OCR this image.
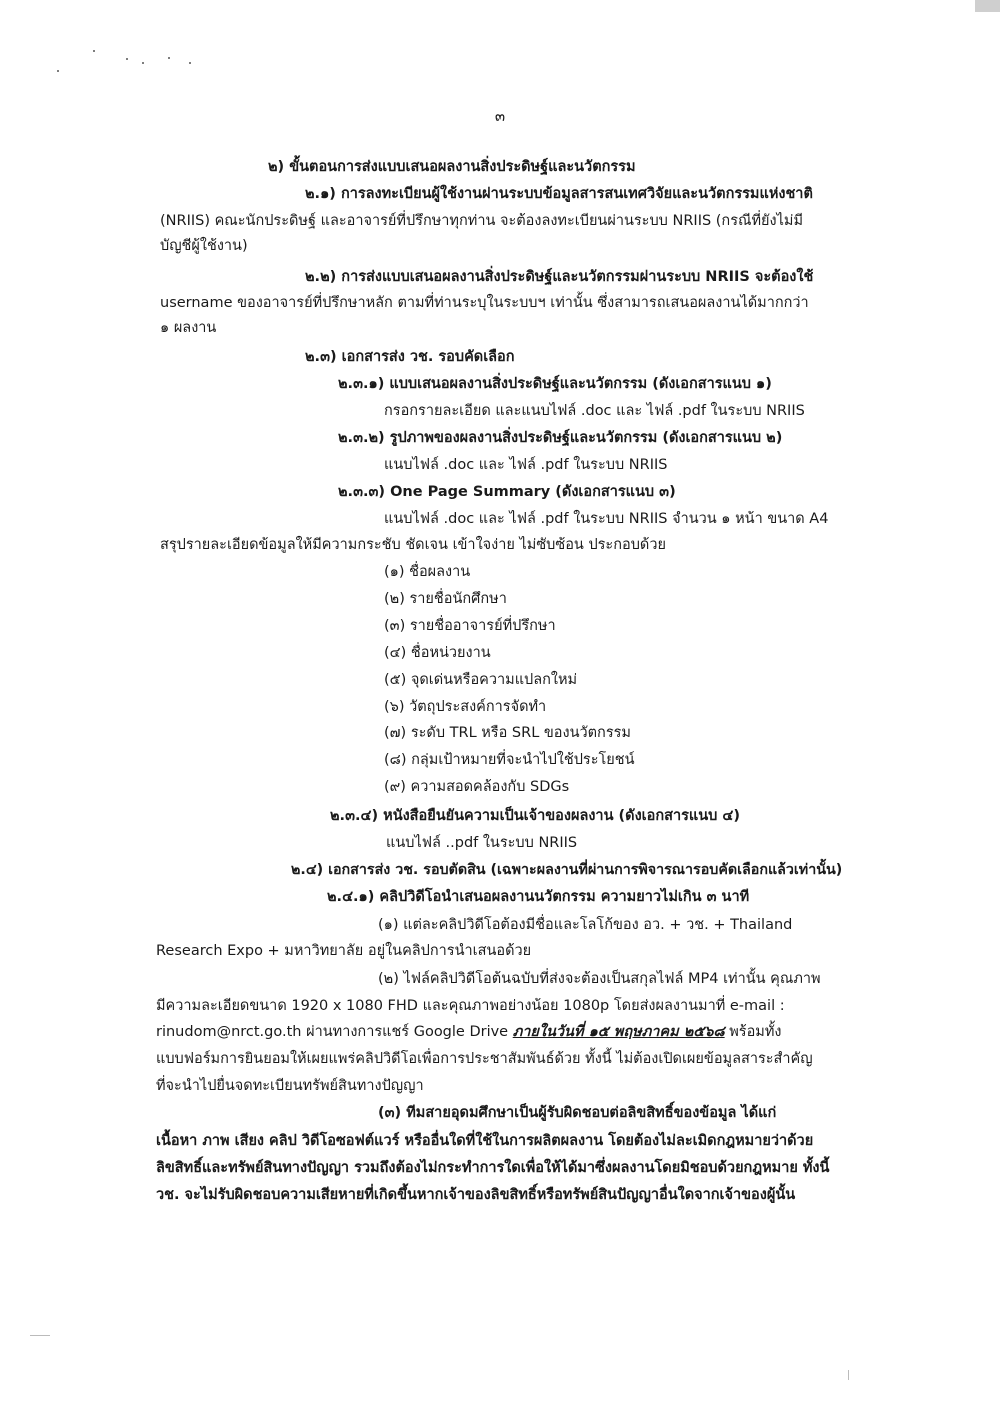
๓
๒) ขั้นตอนการส่งแบบเสนอผลงานสิ่งประดิษฐ์และนวัตกรรม
๒.๑) การลงทะเบียนผู้ใช้งานผ่านระบบข้อมูลสารสนเทศวิจัยและนวัตกรรมแห่งชาติ
(NRIIS) คณะนักประดิษฐ์ และอาจารย์ที่ปรึกษาทุกท่าน จะต้องลงทะเบียนผ่านระบบ NRIIS (กรณีที่ยังไม่มี
บัญชีผู้ใช้งาน)
๒.๒) การส่งแบบเสนอผลงานสิ่งประดิษฐ์และนวัตกรรมผ่านระบบ NRIIS จะต้องใช้
username ของอาจารย์ที่ปรึกษาหลัก ตามที่ท่านระบุในระบบฯ เท่านั้น ซึ่งสามารถเสนอผลงานได้มากกว่า
๑ ผลงาน
๒.๓) เอกสารส่ง วช. รอบคัดเลือก
๒.๓.๑) แบบเสนอผลงานสิ่งประดิษฐ์และนวัตกรรม (ดังเอกสารแนบ ๑)
กรอกรายละเอียด และแนบไฟล์ .doc และ ไฟล์ .pdf ในระบบ NRIIS
๒.๓.๒) รูปภาพของผลงานสิ่งประดิษฐ์และนวัตกรรม (ดังเอกสารแนบ ๒)
แนบไฟล์ .doc และ ไฟล์ .pdf ในระบบ NRIIS
๒.๓.๓) One Page Summary (ดังเอกสารแนบ ๓)
แนบไฟล์ .doc และ ไฟล์ .pdf ในระบบ NRIIS จำนวน ๑ หน้า ขนาด A4
สรุปรายละเอียดข้อมูลให้มีความกระชับ ชัดเจน เข้าใจง่าย ไม่ซับซ้อน ประกอบด้วย
(๑) ชื่อผลงาน
(๒) รายชื่อนักศึกษา
(๓) รายชื่ออาจารย์ที่ปรึกษา
(๔) ชื่อหน่วยงาน
(๕) จุดเด่นหรือความแปลกใหม่
(๖) วัตถุประสงค์การจัดทำ
(๗) ระดับ TRL หรือ SRL ของนวัตกรรม
(๘) กลุ่มเป้าหมายที่จะนำไปใช้ประโยชน์
(๙) ความสอดคล้องกับ SDGs
๒.๓.๔) หนังสือยืนยันความเป็นเจ้าของผลงาน (ดังเอกสารแนบ ๔)
แนบไฟล์ ..pdf ในระบบ NRIIS
๒.๔) เอกสารส่ง วช. รอบตัดสิน (เฉพาะผลงานที่ผ่านการพิจารณารอบคัดเลือกแล้วเท่านั้น)
๒.๔.๑) คลิปวิดีโอนำเสนอผลงานนวัตกรรม ความยาวไม่เกิน ๓ นาที
(๑) แต่ละคลิปวิดีโอต้องมีชื่อและโลโก้ของ อว. + วช. + Thailand
Research Expo + มหาวิทยาลัย อยู่ในคลิปการนำเสนอด้วย
(๒) ไฟล์คลิปวิดีโอต้นฉบับที่ส่งจะต้องเป็นสกุลไฟล์ MP4 เท่านั้น คุณภาพ
มีความละเอียดขนาด 1920 x 1080 FHD และคุณภาพอย่างน้อย 1080p โดยส่งผลงานมาที่ e-mail :
rinudom@nrct.go.th ผ่านทางการแชร์ Google Drive ภายในวันที่ ๑๕ พฤษภาคม ๒๕๖๘ พร้อมทั้ง
แบบฟอร์มการยินยอมให้เผยแพร่คลิปวิดีโอเพื่อการประชาสัมพันธ์ด้วย ทั้งนี้ ไม่ต้องเปิดเผยข้อมูลสาระสำคัญ
ที่จะนำไปยื่นจดทะเบียนทรัพย์สินทางปัญญา
(๓) ทีมสายอุดมศึกษาเป็นผู้รับผิดชอบต่อลิขสิทธิ์ของข้อมูล ได้แก่
เนื้อหา ภาพ เสียง คลิป วิดีโอซอฟต์แวร์ หรืออื่นใดที่ใช้ในการผลิตผลงาน โดยต้องไม่ละเมิดกฎหมายว่าด้วย
ลิขสิทธิ์และทรัพย์สินทางปัญญา รวมถึงต้องไม่กระทำการใดเพื่อให้ได้มาซึ่งผลงานโดยมิชอบด้วยกฎหมาย ทั้งนี้
วช. จะไม่รับผิดชอบความเสียหายที่เกิดขึ้นหากเจ้าของลิขสิทธิ์หรือทรัพย์สินปัญญาอื่นใดจากเจ้าของผู้นั้น
